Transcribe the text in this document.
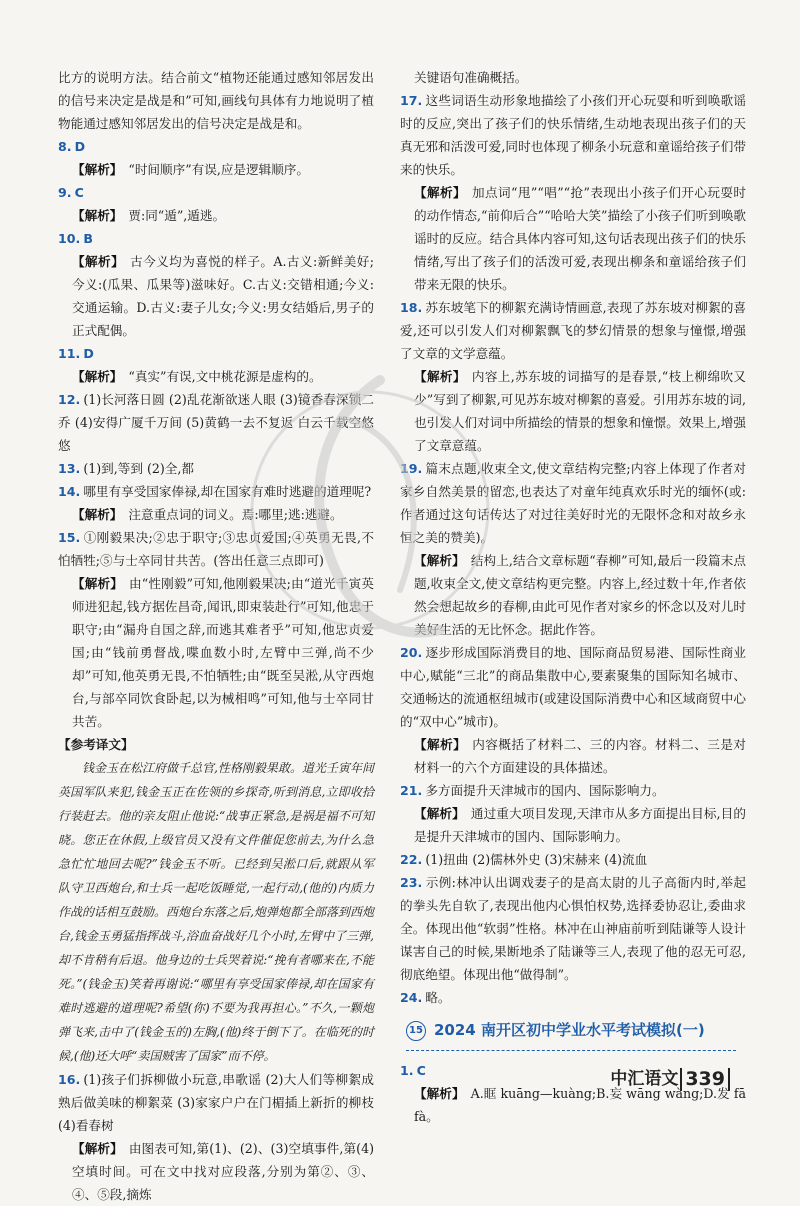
比方的说明方法。结合前文“植物还能通过感知邻居发出的信号来决定是战是和”可知,画线句具体有力地说明了植物能通过感知邻居发出的信号决定是战是和。

8. D

【解析】 “时间顺序”有误,应是逻辑顺序。

9. C

【解析】 贾:同“遁”,遁逃。

10. B

【解析】 古今义均为喜悦的样子。A.古义:新鲜美好;今义:(瓜果、瓜果等)滋味好。C.古义:交错相通;今义:交通运输。D.古义:妻子儿女;今义:男女结婚后,男子的正式配偶。

11. D

【解析】 “真实”有误,文中桃花源是虚构的。

12. (1)长河落日圆 (2)乱花渐欲迷人眼 (3)镜香春深锁二乔 (4)安得广厦千万间 (5)黄鹤一去不复返 白云千载空悠悠

13. (1)到,等到 (2)全,都

14. 哪里有享受国家俸禄,却在国家有难时逃避的道理呢?

【解析】 注意重点词的词义。焉:哪里;逃:逃避。

15. ①刚毅果决;②忠于职守;③忠贞爱国;④英勇无畏,不怕牺牲;⑤与士卒同甘共苦。(答出任意三点即可)

【解析】 由“性刚毅”可知,他刚毅果决;由“道光千寅英师进犯起,钱方据佐昌奇,闻讯,即束装赴行”可知,他忠于职守;由“漏舟自国之辞,而逃其难者乎”可知,他忠贞爱国;由“钱前勇督战,喋血数小时,左臂中三弹,尚不少却”可知,他英勇无畏,不怕牺牲;由“既至吴淞,从守西炮台,与部卒同饮食卧起,以为械相鸣”可知,他与士卒同甘共苦。

【参考译文】

钱金玉在松江府做千总官,性格刚毅果敢。道光壬寅年间英国军队来犯,钱金玉正在佐领的乡探奇,听到消息,立即收拾行装赶去。他的亲友阻止他说:“战事正紧急,是祸是福不可知晓。您正在休假,上级官员又没有文件催促您前去,为什么急急忙忙地回去呢?”钱金玉不听。已经到吴淞口后,就跟从军队守卫西炮台,和士兵一起吃饭睡觉,一起行动,(他的)内质力作战的话相互鼓励。西炮台东落之后,炮弹炮都全部落到西炮台,钱金玉勇猛指挥战斗,浴血奋战好几个小时,左臂中了三弹,却不肯稍有后退。他身边的士兵哭着说:“挽有者哪来在,不能死。”(钱金玉)笑着再谢说:“哪里有享受国家俸禄,却在国家有难时逃避的道理呢?希望(你)不要为我再担心。”不久,一颗炮弹飞来,击中了(钱金玉的)左胸,(他)终于倒下了。在临死的时候,(他)还大呼“卖国贼害了国家”而不停。

16. (1)孩子们拆柳做小玩意,串歌谣 (2)大人们等柳絮成熟后做美味的柳絮菜 (3)家家户户在门楣插上新折的柳枝 (4)看春树

【解析】 由图表可知,第(1)、(2)、(3)空填事件,第(4)空填时间。可在文中找对应段落,分别为第②、③、④、⑤段,摘炼

关键语句准确概括。

17. 这些词语生动形象地描绘了小孩们开心玩耍和听到唤歌谣时的反应,突出了孩子们的快乐情绪,生动地表现出孩子们的天真无邪和活泼可爱,同时也体现了柳条小玩意和童谣给孩子们带来的快乐。

【解析】 加点词“甩”“唱”“抢”表现出小孩子们开心玩耍时的动作情态,“前仰后合”“哈哈大笑”描绘了小孩子们听到唤歌谣时的反应。结合具体内容可知,这句话表现出孩子们的快乐情绪,写出了孩子们的活泼可爱,表现出柳条和童谣给孩子们带来无限的快乐。

18. 苏东坡笔下的柳絮充满诗情画意,表现了苏东坡对柳絮的喜爱,还可以引发人们对柳絮飘飞的梦幻情景的想象与憧憬,增强了文章的文学意蕴。

【解析】 内容上,苏东坡的词描写的是春景,“枝上柳绵吹又少”写到了柳絮,可见苏东坡对柳絮的喜爱。引用苏东坡的词,也引发人们对词中所描绘的情景的想象和憧憬。效果上,增强了文章意蕴。

19. 篇末点题,收束全文,使文章结构完整;内容上体现了作者对家乡自然美景的留恋,也表达了对童年纯真欢乐时光的缅怀(或:作者通过这句话传达了对过往美好时光的无限怀念和对故乡永恒之美的赞美)。

【解析】 结构上,结合文章标题“春柳”可知,最后一段篇末点题,收束全文,使文章结构更完整。内容上,经过数十年,作者依然会想起故乡的春柳,由此可见作者对家乡的怀念以及对儿时美好生活的无比怀念。据此作答。

20. 逐步形成国际消费目的地、国际商品贸易港、国际性商业中心,赋能“三北”的商品集散中心,要素聚集的国际知名城市、交通畅达的流通枢纽城市(或建设国际消费中心和区域商贸中心的“双中心”城市)。

【解析】 内容概括了材料二、三的内容。材料二、三是对材料一的六个方面建设的具体描述。

21. 多方面提升天津城市的国内、国际影响力。

【解析】 通过重大项目发现,天津市从多方面提出目标,目的是提升天津城市的国内、国际影响力。

22. (1)扭曲 (2)儒林外史 (3)宋赫来 (4)流血

23. 示例:林冲认出调戏妻子的是高太尉的儿子高衙内时,举起的拳头先自软了,表现出他内心惧怕权势,选择委协忍让,委曲求全。体现出他“软弱”性格。林冲在山神庙前听到陆谦等人设计谋害自己的时候,果断地杀了陆谦等三人,表现了他的忍无可忍,彻底绝望。体现出他“做得制”。

24. 略。

15 2024 南开区初中学业水平考试模拟(一)
1. C

【解析】 A.眶 kuāng—kuàng;B.妄 wāng wàng;D.发 fā fà。

中汇语文 339
